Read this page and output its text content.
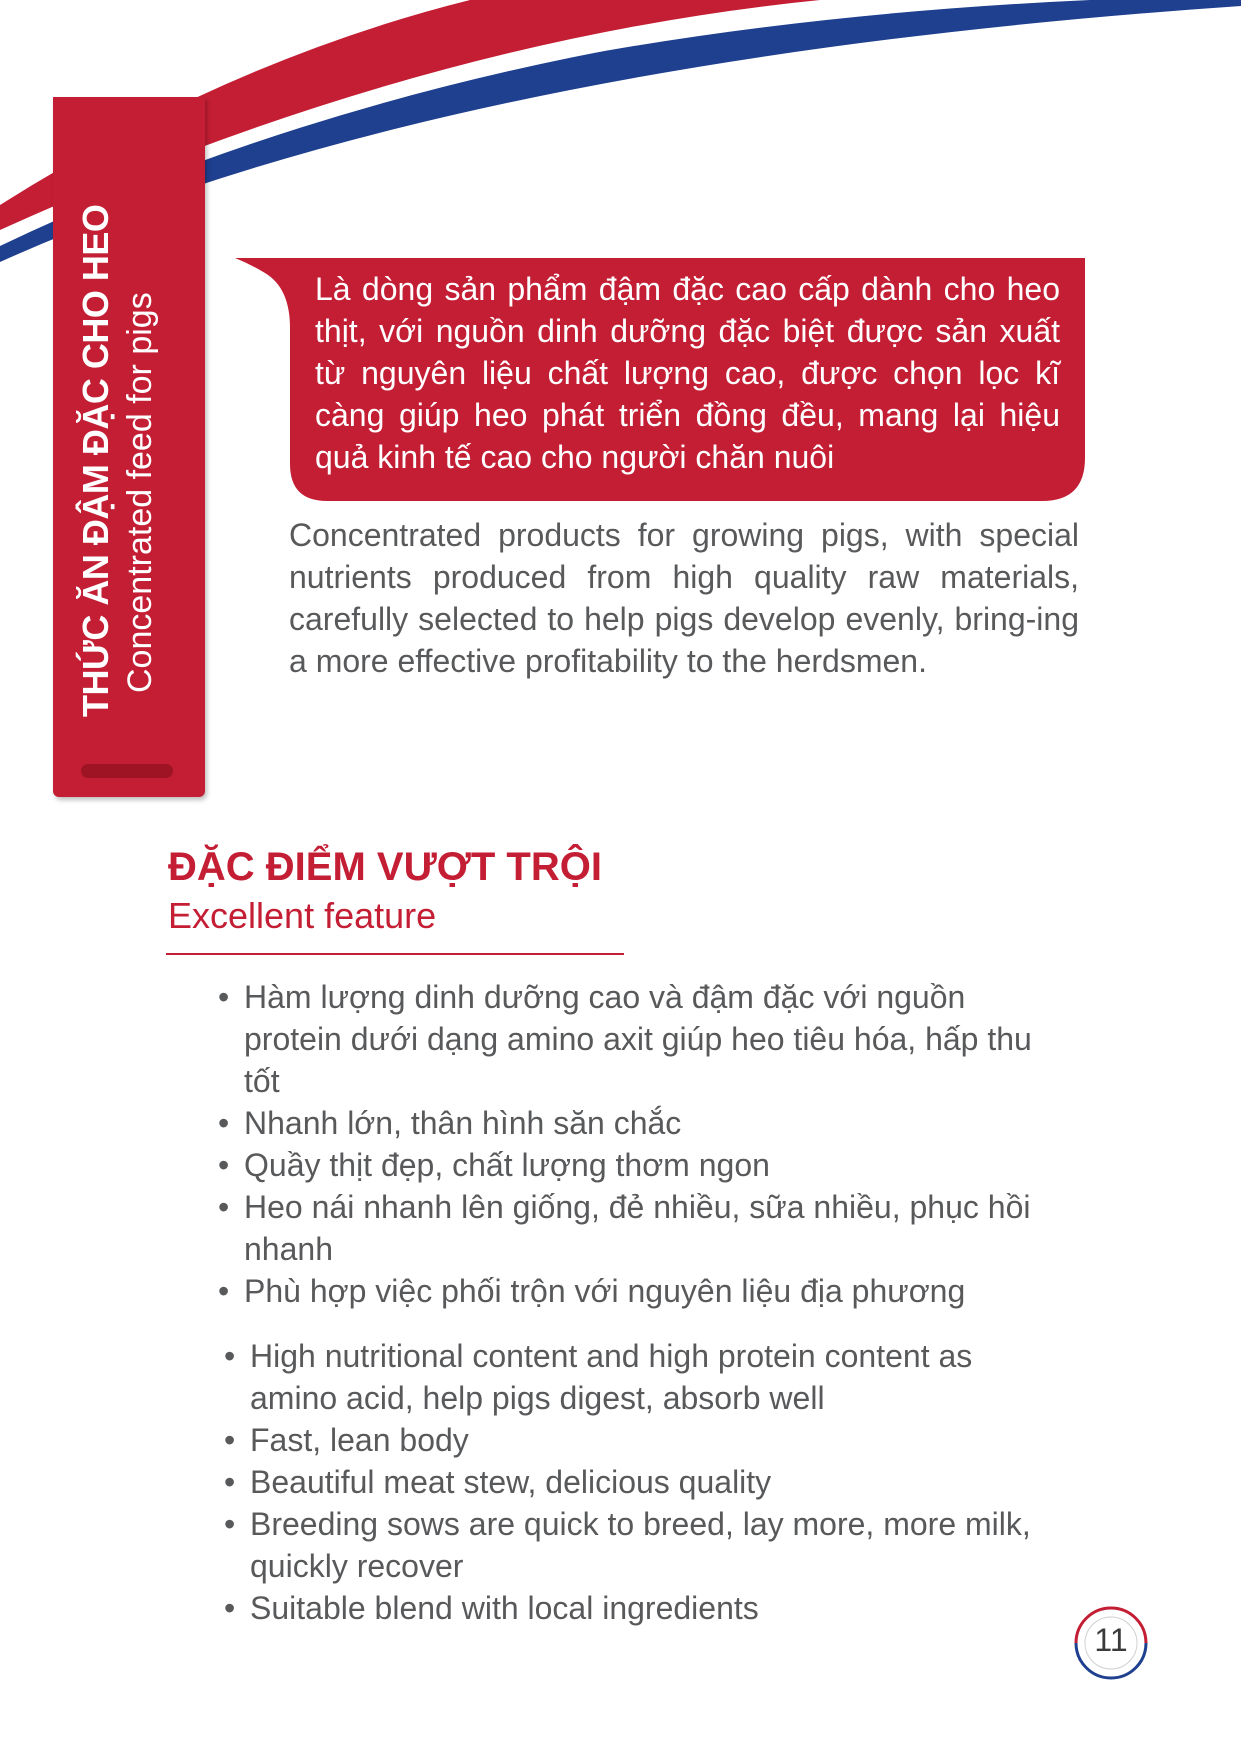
THỨC ĂN ĐẬM ĐẶC CHO HEO Concentrated feed for pigs
Là dòng sản phẩm đậm đặc cao cấp dành cho heo thịt, với nguồn dinh dưỡng đặc biệt được sản xuất từ nguyên liệu chất lượng cao, được chọn lọc kĩ càng giúp heo phát triển đồng đều, mang lại hiệu quả kinh tế cao cho người chăn nuôi
Concentrated products for growing pigs, with special nutrients produced from high quality raw materials, carefully selected to help pigs develop evenly, bring-ing a more effective profitability to the herdsmen.
ĐẶC ĐIỂM VƯỢT TRỘI
Excellent feature
• Hàm lượng dinh dưỡng cao và đậm đặc với nguồn protein dưới dạng amino axit giúp heo tiêu hóa, hấp thu tốt
• Nhanh lớn, thân hình săn chắc
• Quầy thịt đẹp, chất lượng thơm ngon
• Heo nái nhanh lên giống, đẻ nhiều, sữa nhiều, phục hồi nhanh
• Phù hợp việc phối trộn với nguyên liệu địa phương
• High nutritional content and high protein content as amino acid, help pigs digest, absorb well
• Fast, lean body
• Beautiful meat stew, delicious quality
• Breeding sows are quick to breed, lay more, more milk, quickly recover
• Suitable blend with local ingredients
11
